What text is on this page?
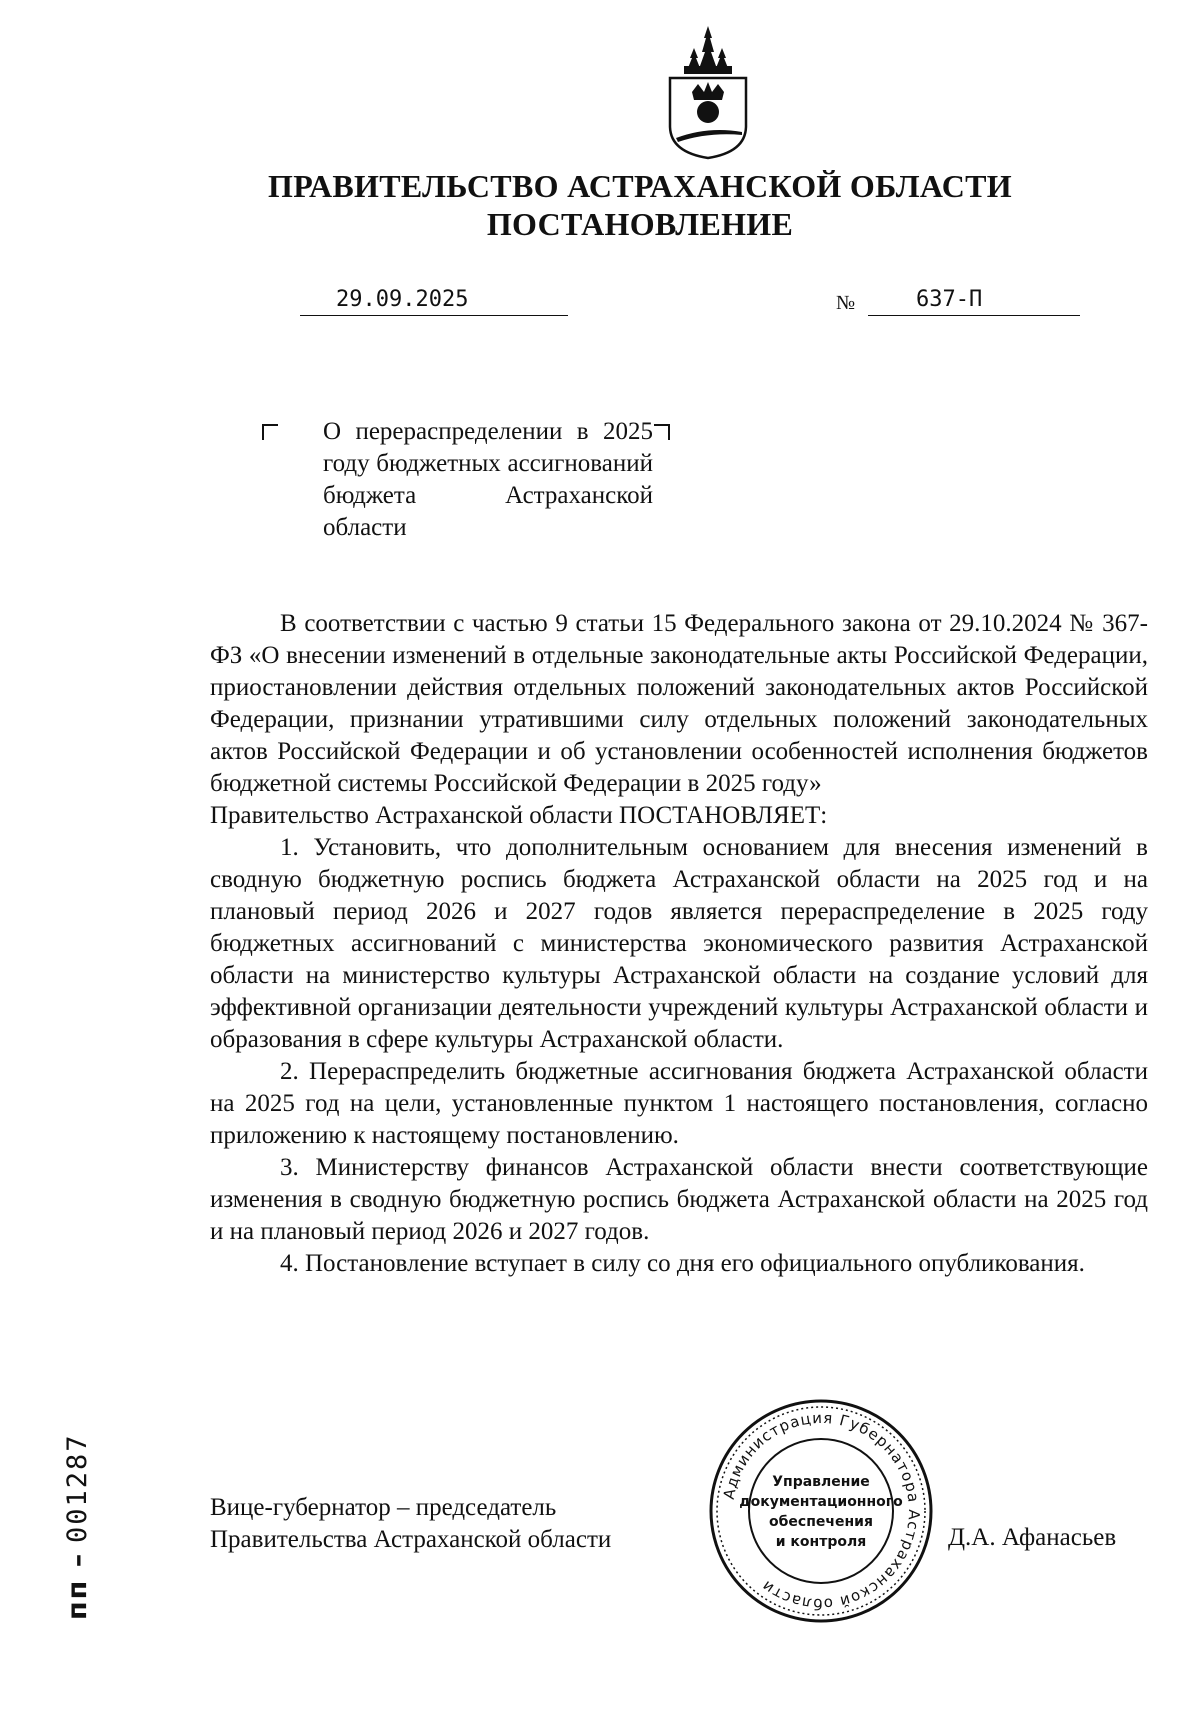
ПРАВИТЕЛЬСТВО АСТРАХАНСКОЙ ОБЛАСТИ
ПОСТАНОВЛЕНИЕ
29.09.2025	№	637-П
О перераспределении в 2025 году бюджетных ассигнований бюджета Астраханской области

В соответствии с частью 9 статьи 15 Федерального закона от 29.10.2024 № 367-ФЗ «О внесении изменений в отдельные законодательные акты Российской Федерации, приостановлении действия отдельных положений законодательных актов Российской Федерации, признании утратившими силу отдельных положений законодательных актов Российской Федерации и об установлении особенностей исполнения бюджетов бюджетной системы Российской Федерации в 2025 году»

Правительство Астраханской области ПОСТАНОВЛЯЕТ:

1. Установить, что дополнительным основанием для внесения изменений в сводную бюджетную роспись бюджета Астраханской области на 2025 год и на плановый период 2026 и 2027 годов является перераспределение в 2025 году бюджетных ассигнований с министерства экономического развития Астраханской области на министерство культуры Астраханской области на создание условий для эффективной организации деятельности учреждений культуры Астраханской области и образования в сфере культуры Астраханской области.

2. Перераспределить бюджетные ассигнования бюджета Астраханской области на 2025 год на цели, установленные пунктом 1 настоящего постановления, согласно приложению к настоящему постановлению.

3. Министерству финансов Астраханской области внести соответствующие изменения в сводную бюджетную роспись бюджета Астраханской области на 2025 год и на плановый период 2026 и 2027 годов.

4. Постановление вступает в силу со дня его официального опубликования.

Вице-губернатор – председатель
Правительства Астраханской области	Д.А. Афанасьев
Администрация Губернатора Астраханской области
Управление
документационного
обеспечения
и контроля
пп – 001287
